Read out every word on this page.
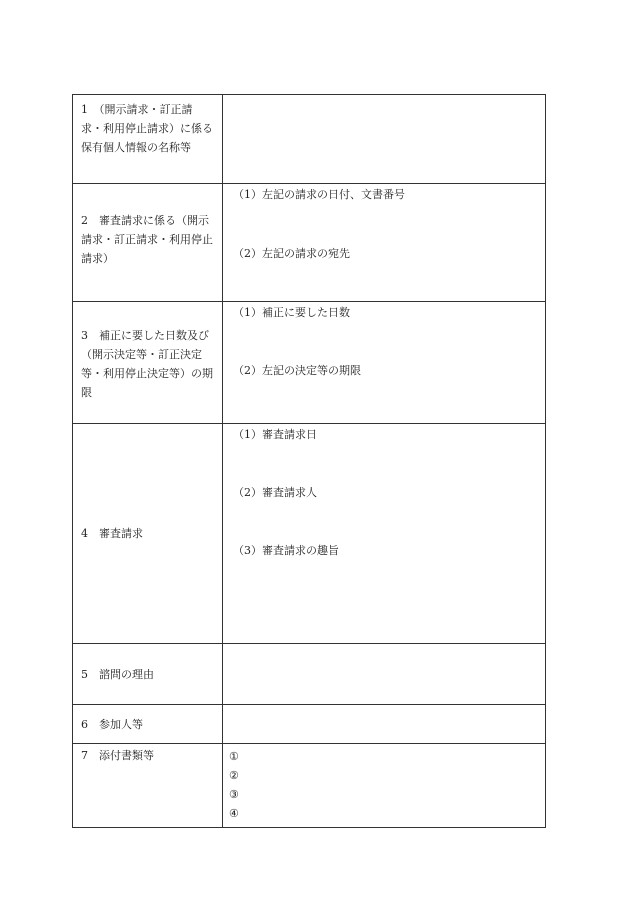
1　（開示請求・訂正請求・利用停止請求）に係る保有個人情報の名称等	

2　審査請求に係る（開示請求・訂正請求・利用停止請求）	（1）左記の請求の日付、文書番号
（2）左記の請求の宛先

3　補正に要した日数及び（開示決定等・訂正決定等・利用停止決定等）の期限	（1）補正に要した日数
（2）左記の決定等の期限

4　審査請求	（1）審査請求日
（2）審査請求人
（3）審査請求の趣旨

5　諮問の理由	

6　参加人等	

7　添付書類等	①
②
③
④
